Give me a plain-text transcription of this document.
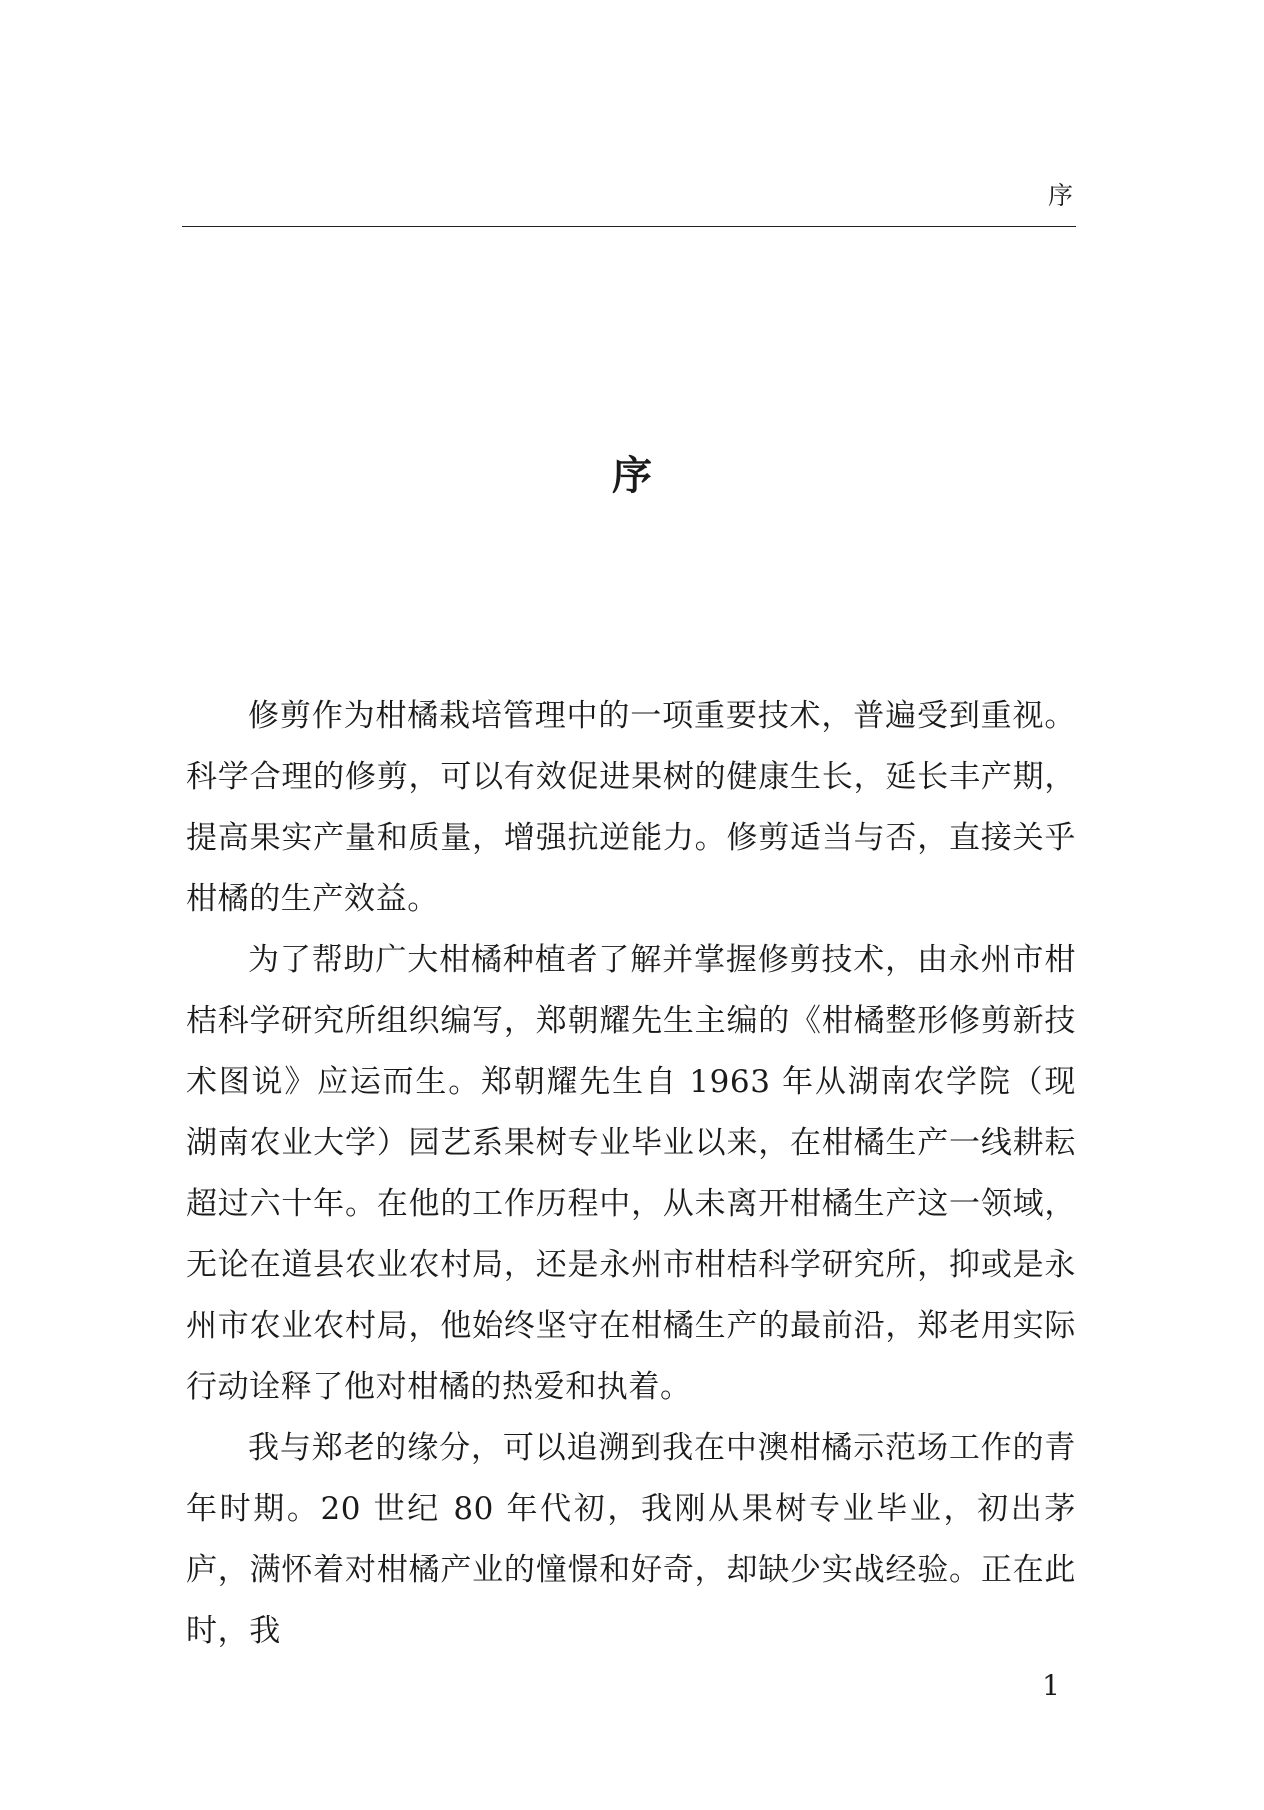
序
序

修剪作为柑橘栽培管理中的一项重要技术，普遍受到重视。科学合理的修剪，可以有效促进果树的健康生长，延长丰产期，提高果实产量和质量，增强抗逆能力。修剪适当与否，直接关乎柑橘的生产效益。

为了帮助广大柑橘种植者了解并掌握修剪技术，由永州市柑桔科学研究所组织编写，郑朝耀先生主编的《柑橘整形修剪新技术图说》应运而生。郑朝耀先生自 1963 年从湖南农学院（现湖南农业大学）园艺系果树专业毕业以来，在柑橘生产一线耕耘超过六十年。在他的工作历程中，从未离开柑橘生产这一领域，无论在道县农业农村局，还是永州市柑桔科学研究所，抑或是永州市农业农村局，他始终坚守在柑橘生产的最前沿，郑老用实际行动诠释了他对柑橘的热爱和执着。

我与郑老的缘分，可以追溯到我在中澳柑橘示范场工作的青年时期。20 世纪 80 年代初，我刚从果树专业毕业，初出茅庐，满怀着对柑橘产业的憧憬和好奇，却缺少实战经验。正在此时，我

1
